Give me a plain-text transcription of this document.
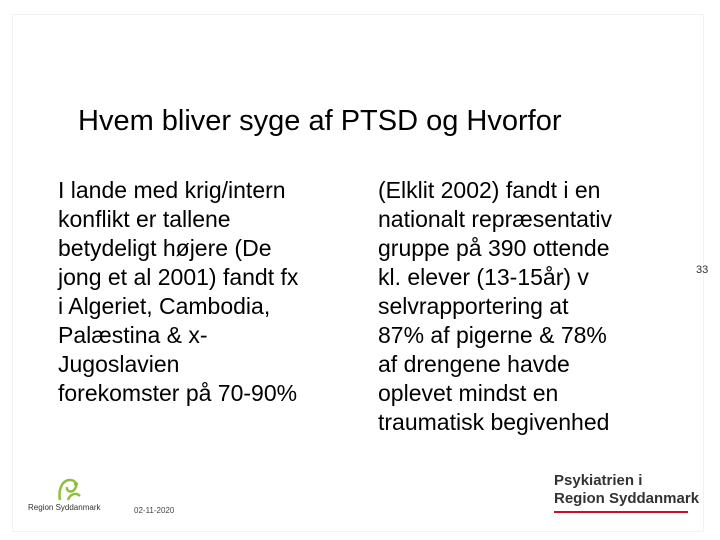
Hvem bliver syge af PTSD og Hvorfor
I lande med krig/intern
konflikt er tallene
betydeligt højere (De
jong et al 2001) fandt fx
i Algeriet, Cambodia,
Palæstina & x-
Jugoslavien
forekomster på 70-90%
(Elklit 2002) fandt i en
nationalt repræsentativ
gruppe på 390 ottende
kl. elever (13-15år) v
selvrapportering at
87% af pigerne & 78%
af drengene havde
oplevet mindst en
traumatisk begivenhed
33
Region Syddanmark	02-11-2020
Psykiatrien i
Region Syddanmark
